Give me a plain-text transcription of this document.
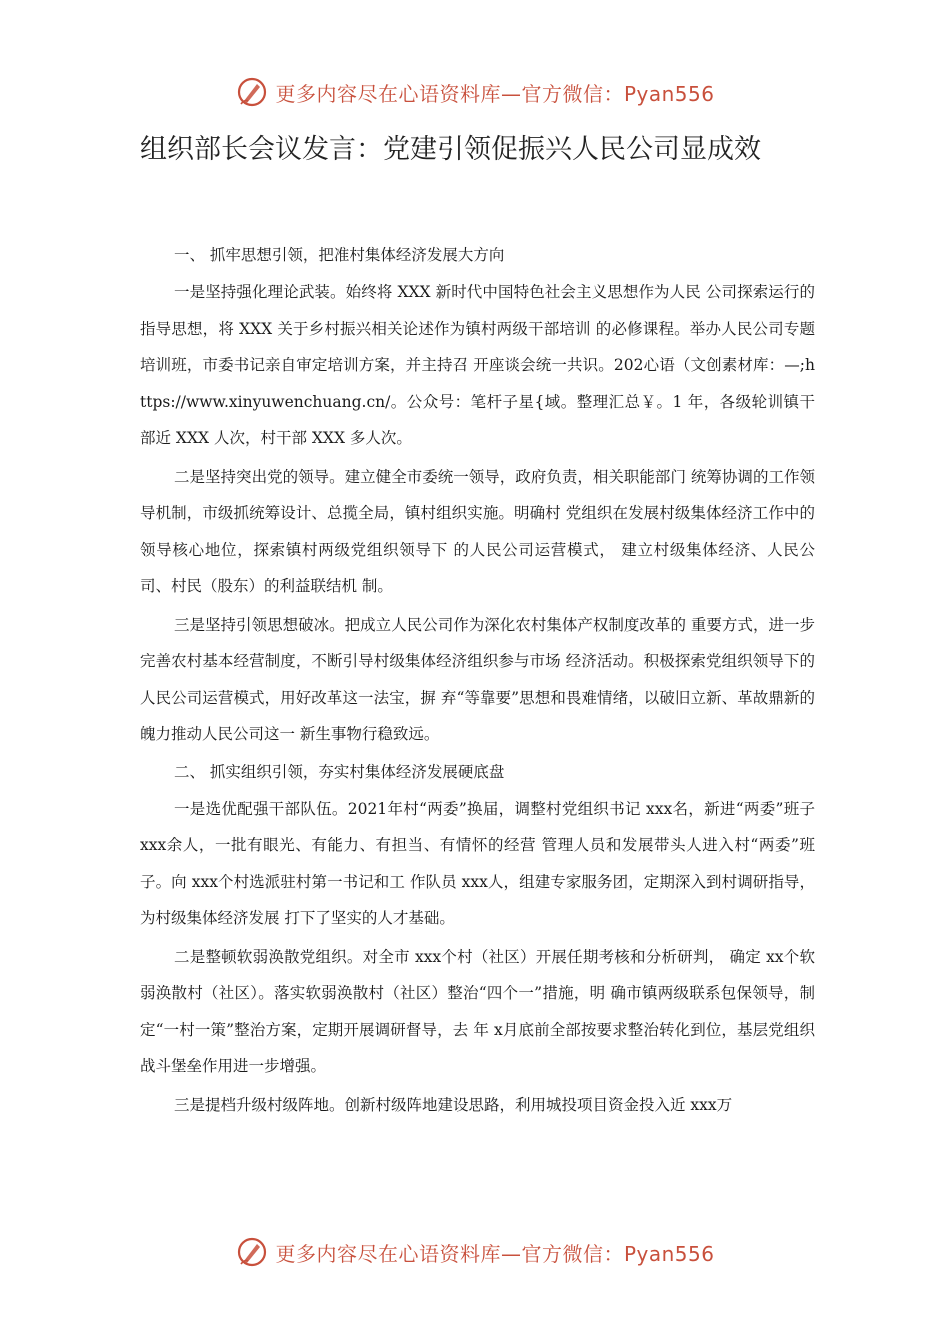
更多内容尽在心语资料库—官方微信：Pyan556
组织部长会议发言：党建引领促振兴人民公司显成效

一、 抓牢思想引领，把准村集体经济发展大方向

一是坚持强化理论武装。始终将 XXX 新时代中国特色社会主义思想作为人民 公司探索运行的指导思想，将 XXX 关于乡村振兴相关论述作为镇村两级干部培训 的必修课程。举办人民公司专题培训班，市委书记亲自审定培训方案，并主持召 开座谈会统一共识。202心语（文创素材库：—;https://www.xinyuwenchuang.cn/。公众号：笔杆子星{域。整理汇总￥。1 年，各级轮训镇干部近 XXX 人次，村干部 XXX 多人次。

二是坚持突出党的领导。建立健全市委统一领导，政府负责，相关职能部门 统筹协调的工作领导机制，市级抓统筹设计、总揽全局，镇村组织实施。明确村 党组织在发展村级集体经济工作中的领导核心地位，探索镇村两级党组织领导下 的人民公司运营模式， 建立村级集体经济、人民公司、村民（股东）的利益联结机 制。

三是坚持引领思想破冰。把成立人民公司作为深化农村集体产权制度改革的 重要方式，进一步完善农村基本经营制度，不断引导村级集体经济组织参与市场 经济活动。积极探索党组织领导下的人民公司运营模式，用好改革这一法宝，摒 弃“等靠要”思想和畏难情绪，以破旧立新、革故鼎新的魄力推动人民公司这一 新生事物行稳致远。

二、 抓实组织引领，夯实村集体经济发展硬底盘

一是选优配强干部队伍。2021年村“两委”换届，调整村党组织书记 xxx名，新进“两委”班子 xxx余人，一批有眼光、有能力、有担当、有情怀的经营 管理人员和发展带头人进入村“两委”班子。向 xxx个村选派驻村第一书记和工 作队员 xxx人，组建专家服务团，定期深入到村调研指导，为村级集体经济发展 打下了坚实的人才基础。

二是整顿软弱涣散党组织。对全市 xxx个村（社区）开展任期考核和分析研判， 确定 xx个软弱涣散村（社区）。落实软弱涣散村（社区）整治“四个一”措施，明 确市镇两级联系包保领导，制定“一村一策”整治方案，定期开展调研督导，去 年 x月底前全部按要求整治转化到位，基层党组织战斗堡垒作用进一步增强。

三是提档升级村级阵地。创新村级阵地建设思路，利用城投项目资金投入近 xxx万

更多内容尽在心语资料库—官方微信：Pyan556
